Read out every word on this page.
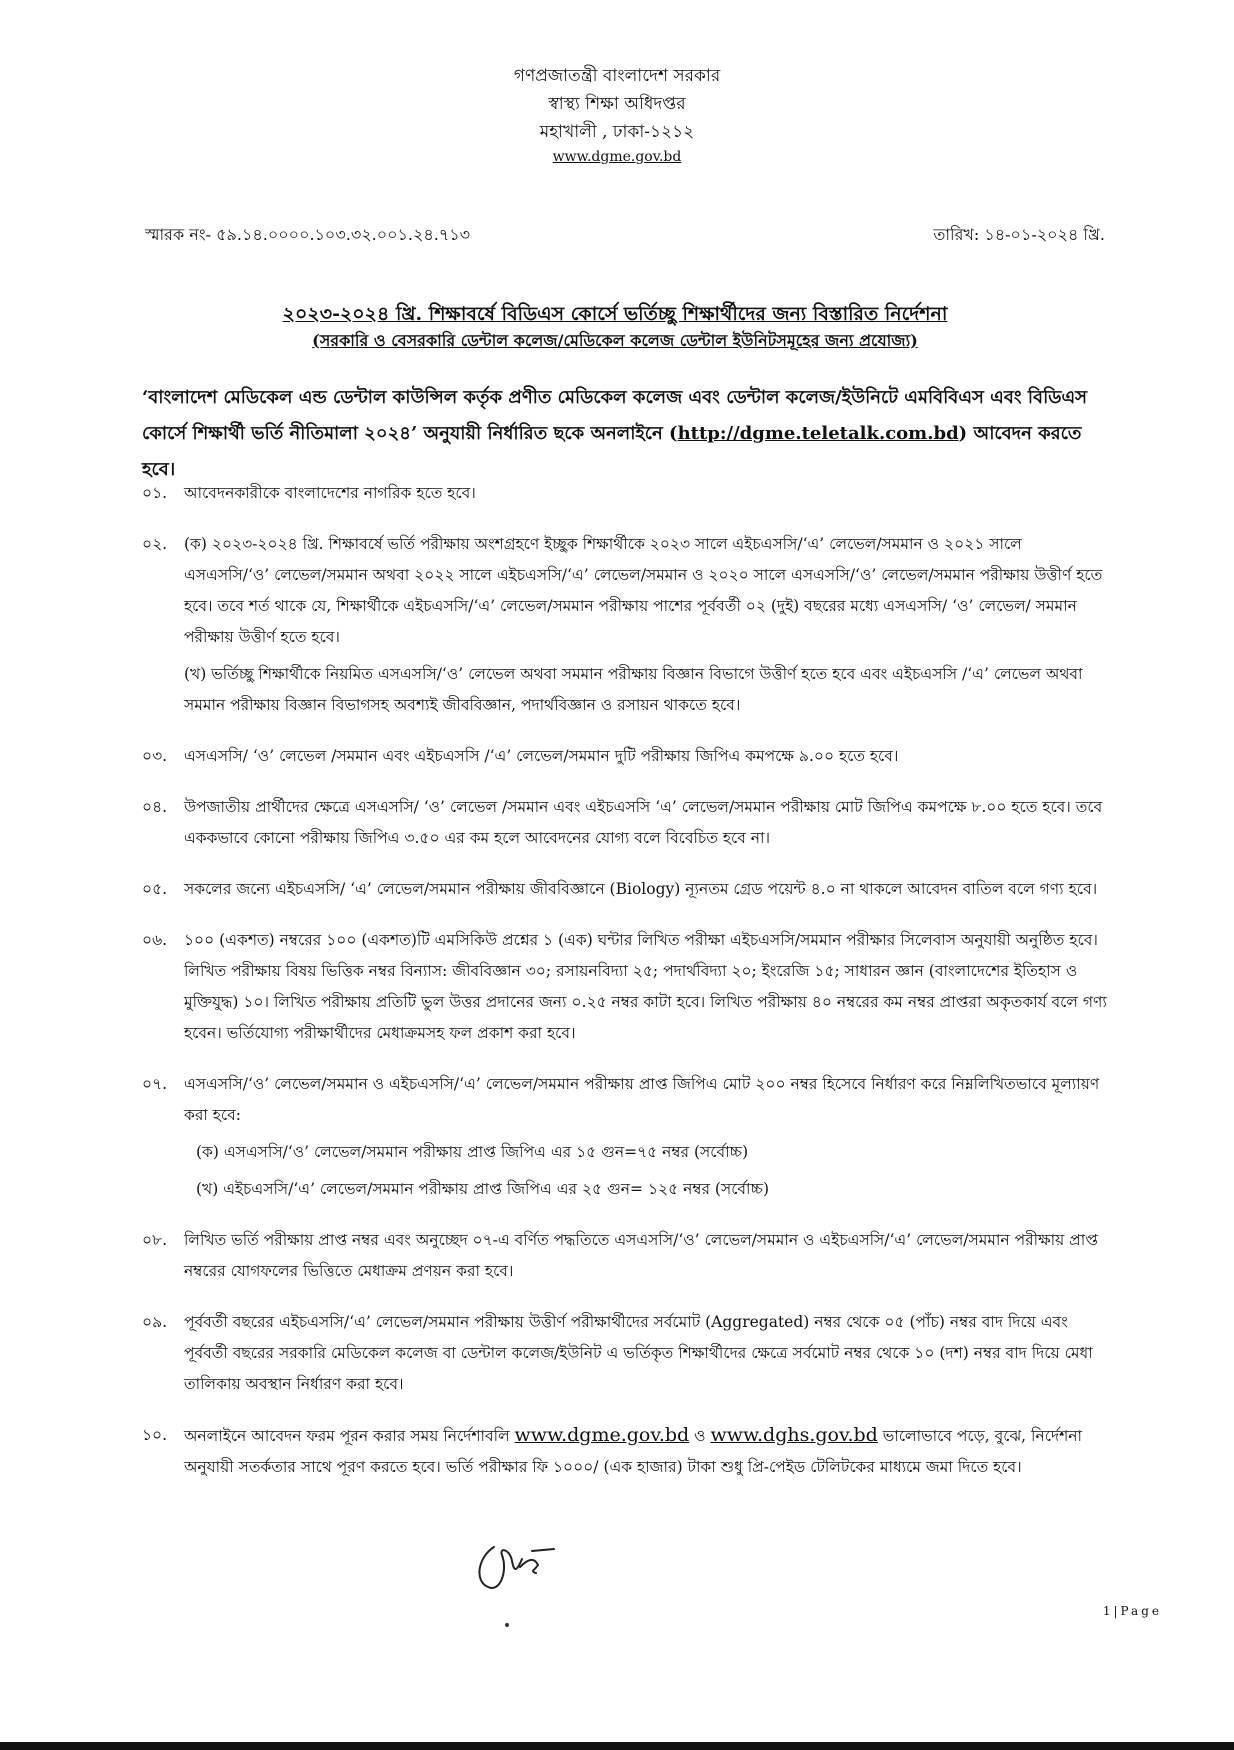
গণপ্রজাতন্ত্রী বাংলাদেশ সরকার
স্বাস্থ্য শিক্ষা অধিদপ্তর
মহাখালী , ঢাকা-১২১২
www.dgme.gov.bd
স্মারক নং- ৫৯.১৪.০০০০.১০৩.৩২.০০১.২৪.৭১৩	তারিখ: ১৪-০১-২০২৪ খ্রি.
২০২৩-২০২৪ খ্রি. শিক্ষাবর্ষে বিডিএস কোর্সে ভর্তিচ্ছু শিক্ষার্থীদের জন্য বিস্তারিত নির্দেশনা
(সরকারি ও বেসরকারি ডেন্টাল কলেজ/মেডিকেল কলেজ ডেন্টাল ইউনিটসমূহের জন্য প্রযোজ্য)
‘বাংলাদেশ মেডিকেল এন্ড ডেন্টাল কাউন্সিল কর্তৃক প্রণীত মেডিকেল কলেজ এবং ডেন্টাল কলেজ/ইউনিটে এমবিবিএস এবং বিডিএস কোর্সে শিক্ষার্থী ভর্তি নীতিমালা ২০২৪’ অনুযায়ী নির্ধারিত ছকে অনলাইনে (http://dgme.teletalk.com.bd) আবেদন করতে হবে।
০১.	আবেদনকারীকে বাংলাদেশের নাগরিক হতে হবে।

০২.	(ক) ২০২৩-২০২৪ খ্রি. শিক্ষাবর্ষে ভর্তি পরীক্ষায় অংশগ্রহণে ইচ্ছুক শিক্ষার্থীকে ২০২৩ সালে এইচএসসি/‘এ’ লেভেল/সমমান ও ২০২১ সালে এসএসসি/‘ও’ লেভেল/সমমান অথবা ২০২২ সালে এইচএসসি/‘এ’ লেভেল/সমমান ও ২০২০ সালে এসএসসি/‘ও’ লেভেল/সমমান পরীক্ষায় উত্তীর্ণ হতে হবে। তবে শর্ত থাকে যে, শিক্ষার্থীকে এইচএসসি/‘এ’ লেভেল/সমমান পরীক্ষায় পাশের পূর্ববর্তী ০২ (দুই) বছরের মধ্যে এসএসসি/ ‘ও’ লেভেল/ সমমান পরীক্ষায় উত্তীর্ণ হতে হবে।

(খ) ভর্তিচ্ছু শিক্ষার্থীকে নিয়মিত এসএসসি/‘ও’ লেভেল অথবা সমমান পরীক্ষায় বিজ্ঞান বিভাগে উত্তীর্ণ হতে হবে এবং এইচএসসি /‘এ’ লেভেল অথবা সমমান পরীক্ষায় বিজ্ঞান বিভাগসহ অবশ্যই জীববিজ্ঞান, পদার্থবিজ্ঞান ও রসায়ন থাকতে হবে।

০৩.	এসএসসি/ ‘ও’ লেভেল /সমমান এবং এইচএসসি /‘এ’ লেভেল/সমমান দুটি পরীক্ষায় জিপিএ কমপক্ষে ৯.০০ হতে হবে।

০৪.	উপজাতীয় প্রার্থীদের ক্ষেত্রে এসএসসি/ ‘ও’ লেভেল /সমমান এবং এইচএসসি ‘এ’ লেভেল/সমমান পরীক্ষায় মোট জিপিএ কমপক্ষে ৮.০০ হতে হবে। তবে এককভাবে কোনো পরীক্ষায় জিপিএ ৩.৫০ এর কম হলে আবেদনের যোগ্য বলে বিবেচিত হবে না।

০৫.	সকলের জন্যে এইচএসসি/ ‘এ’ লেভেল/সমমান পরীক্ষায় জীববিজ্ঞানে (Biology) ন্যূনতম গ্রেড পয়েন্ট ৪.০ না থাকলে আবেদন বাতিল বলে গণ্য হবে।

০৬.	১০০ (একশত) নম্বরের ১০০ (একশত)টি এমসিকিউ প্রশ্নের ১ (এক) ঘন্টার লিখিত পরীক্ষা এইচএসসি/সমমান পরীক্ষার সিলেবাস অনুযায়ী অনুষ্ঠিত হবে। লিখিত পরীক্ষায় বিষয় ভিত্তিক নম্বর বিন্যাস: জীববিজ্ঞান ৩০; রসায়নবিদ্যা ২৫; পদার্থবিদ্যা ২০; ইংরেজি ১৫; সাধারন জ্ঞান (বাংলাদেশের ইতিহাস ও মুক্তিযুদ্ধ) ১০। লিখিত পরীক্ষায় প্রতিটি ভুল উত্তর প্রদানের জন্য ০.২৫ নম্বর কাটা হবে। লিখিত পরীক্ষায় ৪০ নম্বরের কম নম্বর প্রাপ্তরা অকৃতকার্য বলে গণ্য হবেন। ভর্তিযোগ্য পরীক্ষার্থীদের মেধাক্রমসহ ফল প্রকাশ করা হবে।

০৭.	এসএসসি/‘ও’ লেভেল/সমমান ও এইচএসসি/‘এ’ লেভেল/সমমান পরীক্ষায় প্রাপ্ত জিপিএ মোট ২০০ নম্বর হিসেবে নির্ধারণ করে নিম্নলিখিতভাবে মূল্যায়ণ করা হবে:

(ক) এসএসসি/‘ও’ লেভেল/সমমান পরীক্ষায় প্রাপ্ত জিপিএ এর ১৫ গুন=৭৫ নম্বর (সর্বোচ্চ)

(খ) এইচএসসি/‘এ’ লেভেল/সমমান পরীক্ষায় প্রাপ্ত জিপিএ এর ২৫ গুন= ১২৫ নম্বর (সর্বোচ্চ)

০৮.	লিখিত ভর্তি পরীক্ষায় প্রাপ্ত নম্বর এবং অনুচ্ছেদ ০৭-এ বর্ণিত পদ্ধতিতে এসএসসি/‘ও’ লেভেল/সমমান ও এইচএসসি/‘এ’ লেভেল/সমমান পরীক্ষায় প্রাপ্ত নম্বরের যোগফলের ভিত্তিতে মেধাক্রম প্রণয়ন করা হবে।

০৯.	পূর্ববর্তী বছরের এইচএসসি/‘এ’ লেভেল/সমমান পরীক্ষায় উত্তীর্ণ পরীক্ষার্থীদের সর্বমোট (Aggregated) নম্বর থেকে ০৫ (পাঁচ) নম্বর বাদ দিয়ে এবং পূর্ববর্তী বছরের সরকারি মেডিকেল কলেজ বা ডেন্টাল কলেজ/ইউনিট এ ভর্তিকৃত শিক্ষার্থীদের ক্ষেত্রে সর্বমোট নম্বর থেকে ১০ (দশ) নম্বর বাদ দিয়ে মেধা তালিকায় অবস্থান নির্ধারণ করা হবে।

১০.	অনলাইনে আবেদন ফরম পূরন করার সময় নির্দেশাবলি www.dgme.gov.bd ও www.dghs.gov.bd ভালোভাবে পড়ে, বুঝে, নির্দেশনা অনুযায়ী সতর্কতার সাথে পূরণ করতে হবে। ভর্তি পরীক্ষার ফি ১০০০/ (এক হাজার) টাকা শুধু প্রি-পেইড টেলিটকের মাধ্যমে জমা দিতে হবে।

1|Page
